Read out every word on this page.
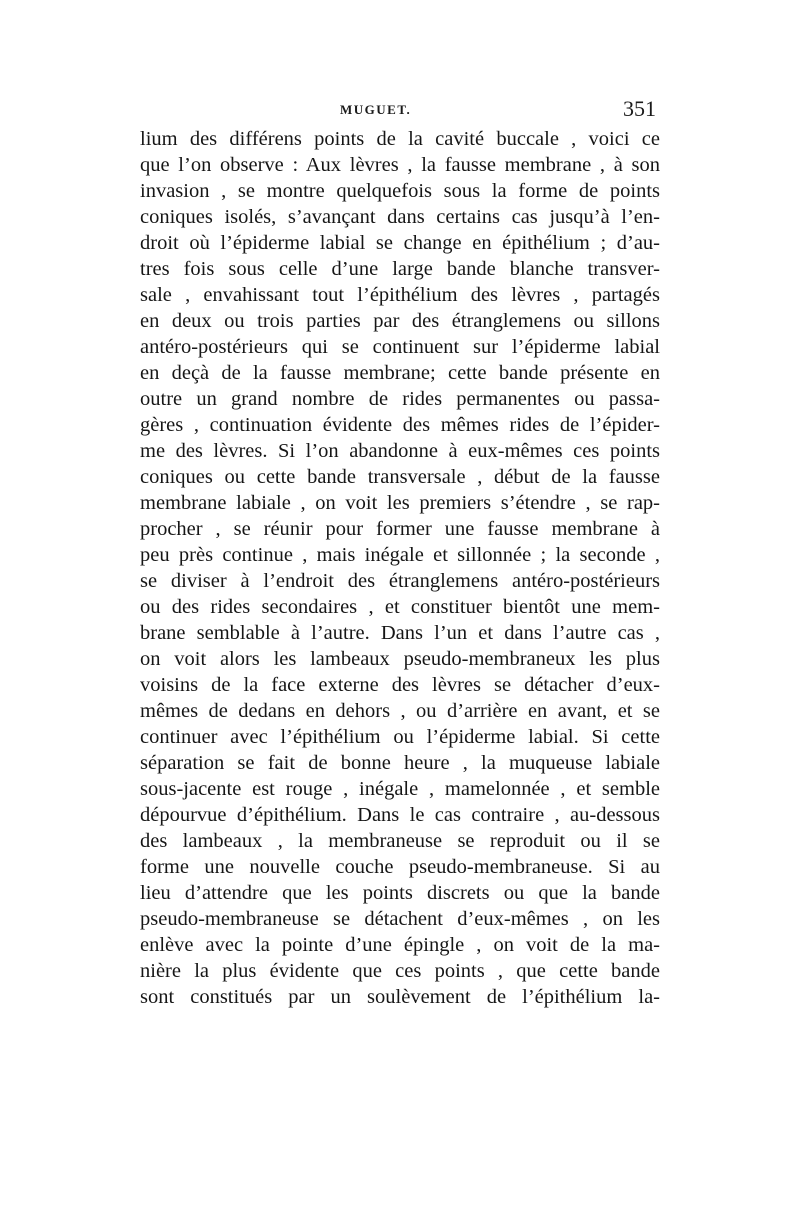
MUGUET.	351
lium des différens points de la cavité buccale , voici ce
que l’on observe : Aux lèvres , la fausse membrane , à son
invasion , se montre quelquefois sous la forme de points
coniques isolés, s’avançant dans certains cas jusqu’à l’en-
droit où l’épiderme labial se change en épithélium ; d’au-
tres fois sous celle d’une large bande blanche transver-
sale , envahissant tout l’épithélium des lèvres , partagés
en deux ou trois parties par des étranglemens ou sillons
antéro-postérieurs qui se continuent sur l’épiderme labial
en deçà de la fausse membrane; cette bande présente en
outre un grand nombre de rides permanentes ou passa-
gères , continuation évidente des mêmes rides de l’épider-
me des lèvres. Si l’on abandonne à eux-mêmes ces points
coniques ou cette bande transversale , début de la fausse
membrane labiale , on voit les premiers s’étendre , se rap-
procher , se réunir pour former une fausse membrane à
peu près continue , mais inégale et sillonnée ; la seconde ,
se diviser à l’endroit des étranglemens antéro-postérieurs
ou des rides secondaires , et constituer bientôt une mem-
brane semblable à l’autre. Dans l’un et dans l’autre cas ,
on voit alors les lambeaux pseudo-membraneux les plus
voisins de la face externe des lèvres se détacher d’eux-
mêmes de dedans en dehors , ou d’arrière en avant, et se
continuer avec l’épithélium ou l’épiderme labial. Si cette
séparation se fait de bonne heure , la muqueuse labiale
sous-jacente est rouge , inégale , mamelonnée , et semble
dépourvue d’épithélium. Dans le cas contraire , au-dessous
des lambeaux , la membraneuse se reproduit ou il se
forme une nouvelle couche pseudo-membraneuse. Si au
lieu d’attendre que les points discrets ou que la bande
pseudo-membraneuse se détachent d’eux-mêmes , on les
enlève avec la pointe d’une épingle , on voit de la ma-
nière la plus évidente que ces points , que cette bande
sont constitués par un soulèvement de l’épithélium la-
